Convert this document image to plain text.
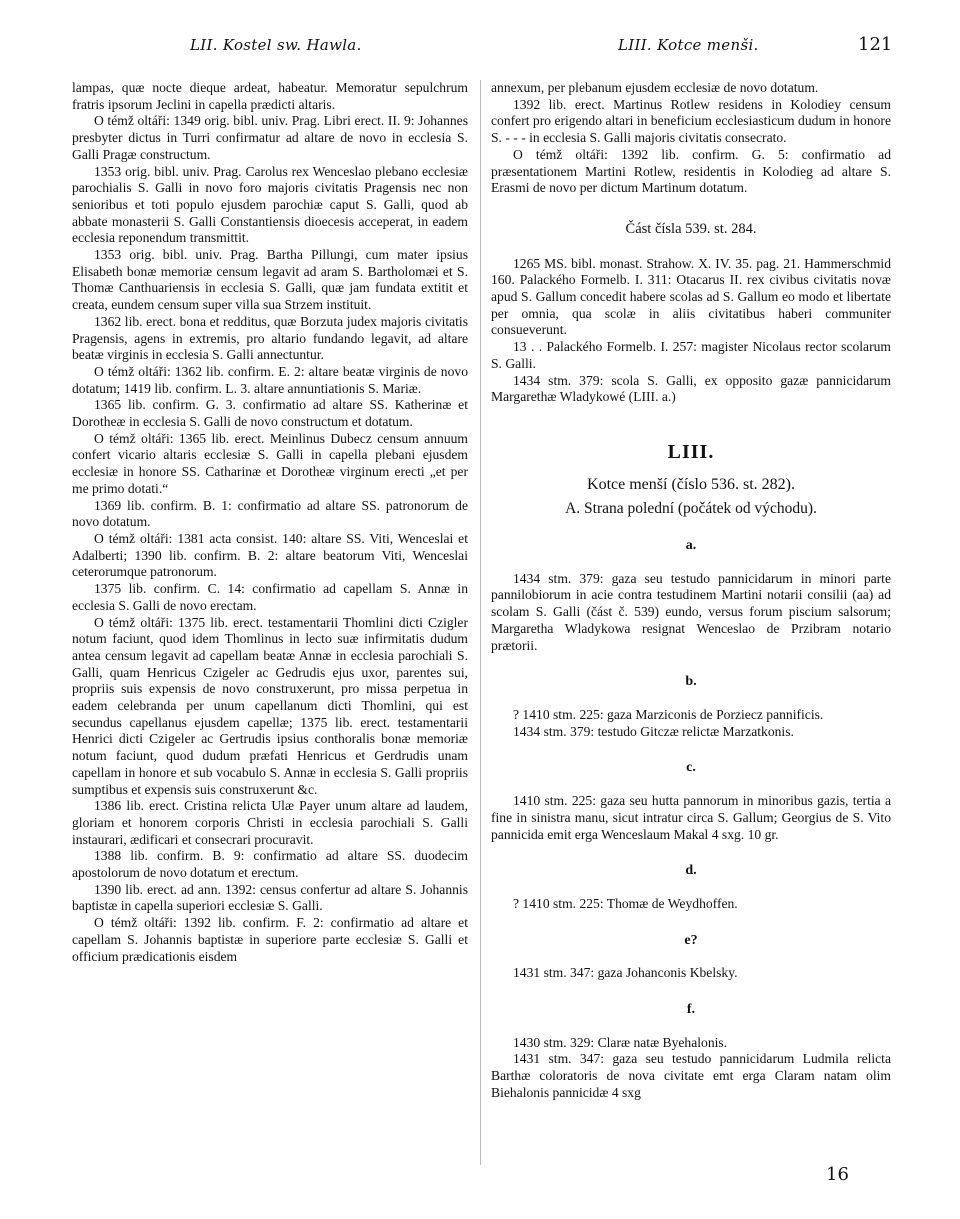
LII. Kostel sw. Hawla.	LIII. Kotce menši.	121

lampas, quæ nocte dieque ardeat, habeatur. Memoratur sepulchrum fratris ipsorum Jeclini in capella prædicti altaris.

O témž oltáři: 1349 orig. bibl. univ. Prag. Libri erect. II. 9: Johannes presbyter dictus in Turri confirmatur ad altare de novo in ecclesia S. Galli Pragæ constructum.

1353 orig. bibl. univ. Prag. Carolus rex Wenceslao plebano ecclesiæ parochialis S. Galli in novo foro majoris civitatis Pragensis nec non senioribus et toti populo ejusdem parochiæ caput S. Galli, quod ab abbate monasterii S. Galli Constantiensis dioecesis acceperat, in eadem ecclesia reponendum transmittit.

1353 orig. bibl. univ. Prag. Bartha Pillungi, cum mater ipsius Elisabeth bonæ memoriæ censum legavit ad aram S. Bartholomæi et S. Thomæ Canthuariensis in ecclesia S. Galli, quæ jam fundata extitit et creata, eundem censum super villa sua Strzem instituit.

1362 lib. erect. bona et redditus, quæ Borzuta judex majoris civitatis Pragensis, agens in extremis, pro altario fundando legavit, ad altare beatæ virginis in ecclesia S. Galli annectuntur.

O témž oltáři: 1362 lib. confirm. E. 2: altare beatæ virginis de novo dotatum; 1419 lib. confirm. L. 3. altare annuntiationis S. Mariæ.

1365 lib. confirm. G. 3. confirmatio ad altare SS. Katherinæ et Dorotheæ in ecclesia S. Galli de novo constructum et dotatum.

O témž oltáři: 1365 lib. erect. Meinlinus Dubecz censum annuum confert vicario altaris ecclesiæ S. Galli in capella plebani ejusdem ecclesiæ in honore SS. Catharinæ et Dorotheæ virginum erecti „et per me primo dotati.“

1369 lib. confirm. B. 1: confirmatio ad altare SS. patronorum de novo dotatum.

O témž oltáři: 1381 acta consist. 140: altare SS. Viti, Wenceslai et Adalberti; 1390 lib. confirm. B. 2: altare beatorum Viti, Wenceslai ceterorumque patronorum.

1375 lib. confirm. C. 14: confirmatio ad capellam S. Annæ in ecclesia S. Galli de novo erectam.

O témž oltáři: 1375 lib. erect. testamentarii Thomlini dicti Czigler notum faciunt, quod idem Thomlinus in lecto suæ infirmitatis dudum antea censum legavit ad capellam beatæ Annæ in ecclesia parochiali S. Galli, quam Henricus Czigeler ac Gedrudis ejus uxor, parentes sui, propriis suis expensis de novo construxerunt, pro missa perpetua in eadem celebranda per unum capellanum dicti Thomlini, qui est secundus capellanus ejusdem capellæ; 1375 lib. erect. testamentarii Henrici dicti Czigeler ac Gertrudis ipsius conthoralis bonæ memoriæ notum faciunt, quod dudum præfati Henricus et Gerdrudis unam capellam in honore et sub vocabulo S. Annæ in ecclesia S. Galli propriis sumptibus et expensis suis construxerunt &c.

1386 lib. erect. Cristina relicta Ulæ Payer unum altare ad laudem, gloriam et honorem corporis Christi in ecclesia parochiali S. Galli instaurari, ædificari et consecrari procuravit.

1388 lib. confirm. B. 9: confirmatio ad altare SS. duodecim apostolorum de novo dotatum et erectum.

1390 lib. erect. ad ann. 1392: census confertur ad altare S. Johannis baptistæ in capella superiori ecclesiæ S. Galli.

O témž oltáři: 1392 lib. confirm. F. 2: confirmatio ad altare et capellam S. Johannis baptistæ in superiore parte ecclesiæ S. Galli et officium prædicationis eisdem

annexum, per plebanum ejusdem ecclesiæ de novo dotatum.

1392 lib. erect. Martinus Rotlew residens in Kolodiey censum confert pro erigendo altari in beneficium ecclesiasticum dudum in honore S. - - - in ecclesia S. Galli majoris civitatis consecrato.

O témž oltáři: 1392 lib. confirm. G. 5: confirmatio ad præsentationem Martini Rotlew, residentis in Kolodieg ad altare S. Erasmi de novo per dictum Martinum dotatum.

Část čísla 539. st. 284.

1265 MS. bibl. monast. Strahow. X. IV. 35. pag. 21. Hammerschmid 160. Palackého Formelb. I. 311: Otacarus II. rex civibus civitatis novæ apud S. Gallum concedit habere scolas ad S. Gallum eo modo et libertate per omnia, qua scolæ in aliis civitatibus haberi communiter consueverunt.

13 . . Palackého Formelb. I. 257: magister Nicolaus rector scolarum S. Galli.

1434 stm. 379: scola S. Galli, ex opposito gazæ pannicidarum Margarethæ Wladykowé (LIII. a.)

LIII.
Kotce menší (číslo 536. st. 282).
A. Strana polední (počátek od východu).
a.

1434 stm. 379: gaza seu testudo pannicidarum in minori parte pannilobiorum in acie contra testudinem Martini notarii consilii (aa) ad scolam S. Galli (část č. 539) eundo, versus forum piscium salsorum; Margaretha Wladykowa resignat Wenceslao de Przibram notario prætorii.

b.

? 1410 stm. 225: gaza Marziconis de Porziecz pannificis.

1434 stm. 379: testudo Gitczæ relictæ Marzatkonis.

c.

1410 stm. 225: gaza seu hutta pannorum in minoribus gazis, tertia a fine in sinistra manu, sicut intratur circa S. Gallum; Georgius de S. Vito pannicida emit erga Wenceslaum Makal 4 sxg. 10 gr.

d.

? 1410 stm. 225: Thomæ de Weydhoffen.

e?

1431 stm. 347: gaza Johanconis Kbelsky.

f.

1430 stm. 329: Claræ natæ Byehalonis.

1431 stm. 347: gaza seu testudo pannicidarum Ludmila relicta Barthæ coloratoris de nova civitate emt erga Claram natam olim Biehalonis pannicidæ 4 sxg

16
